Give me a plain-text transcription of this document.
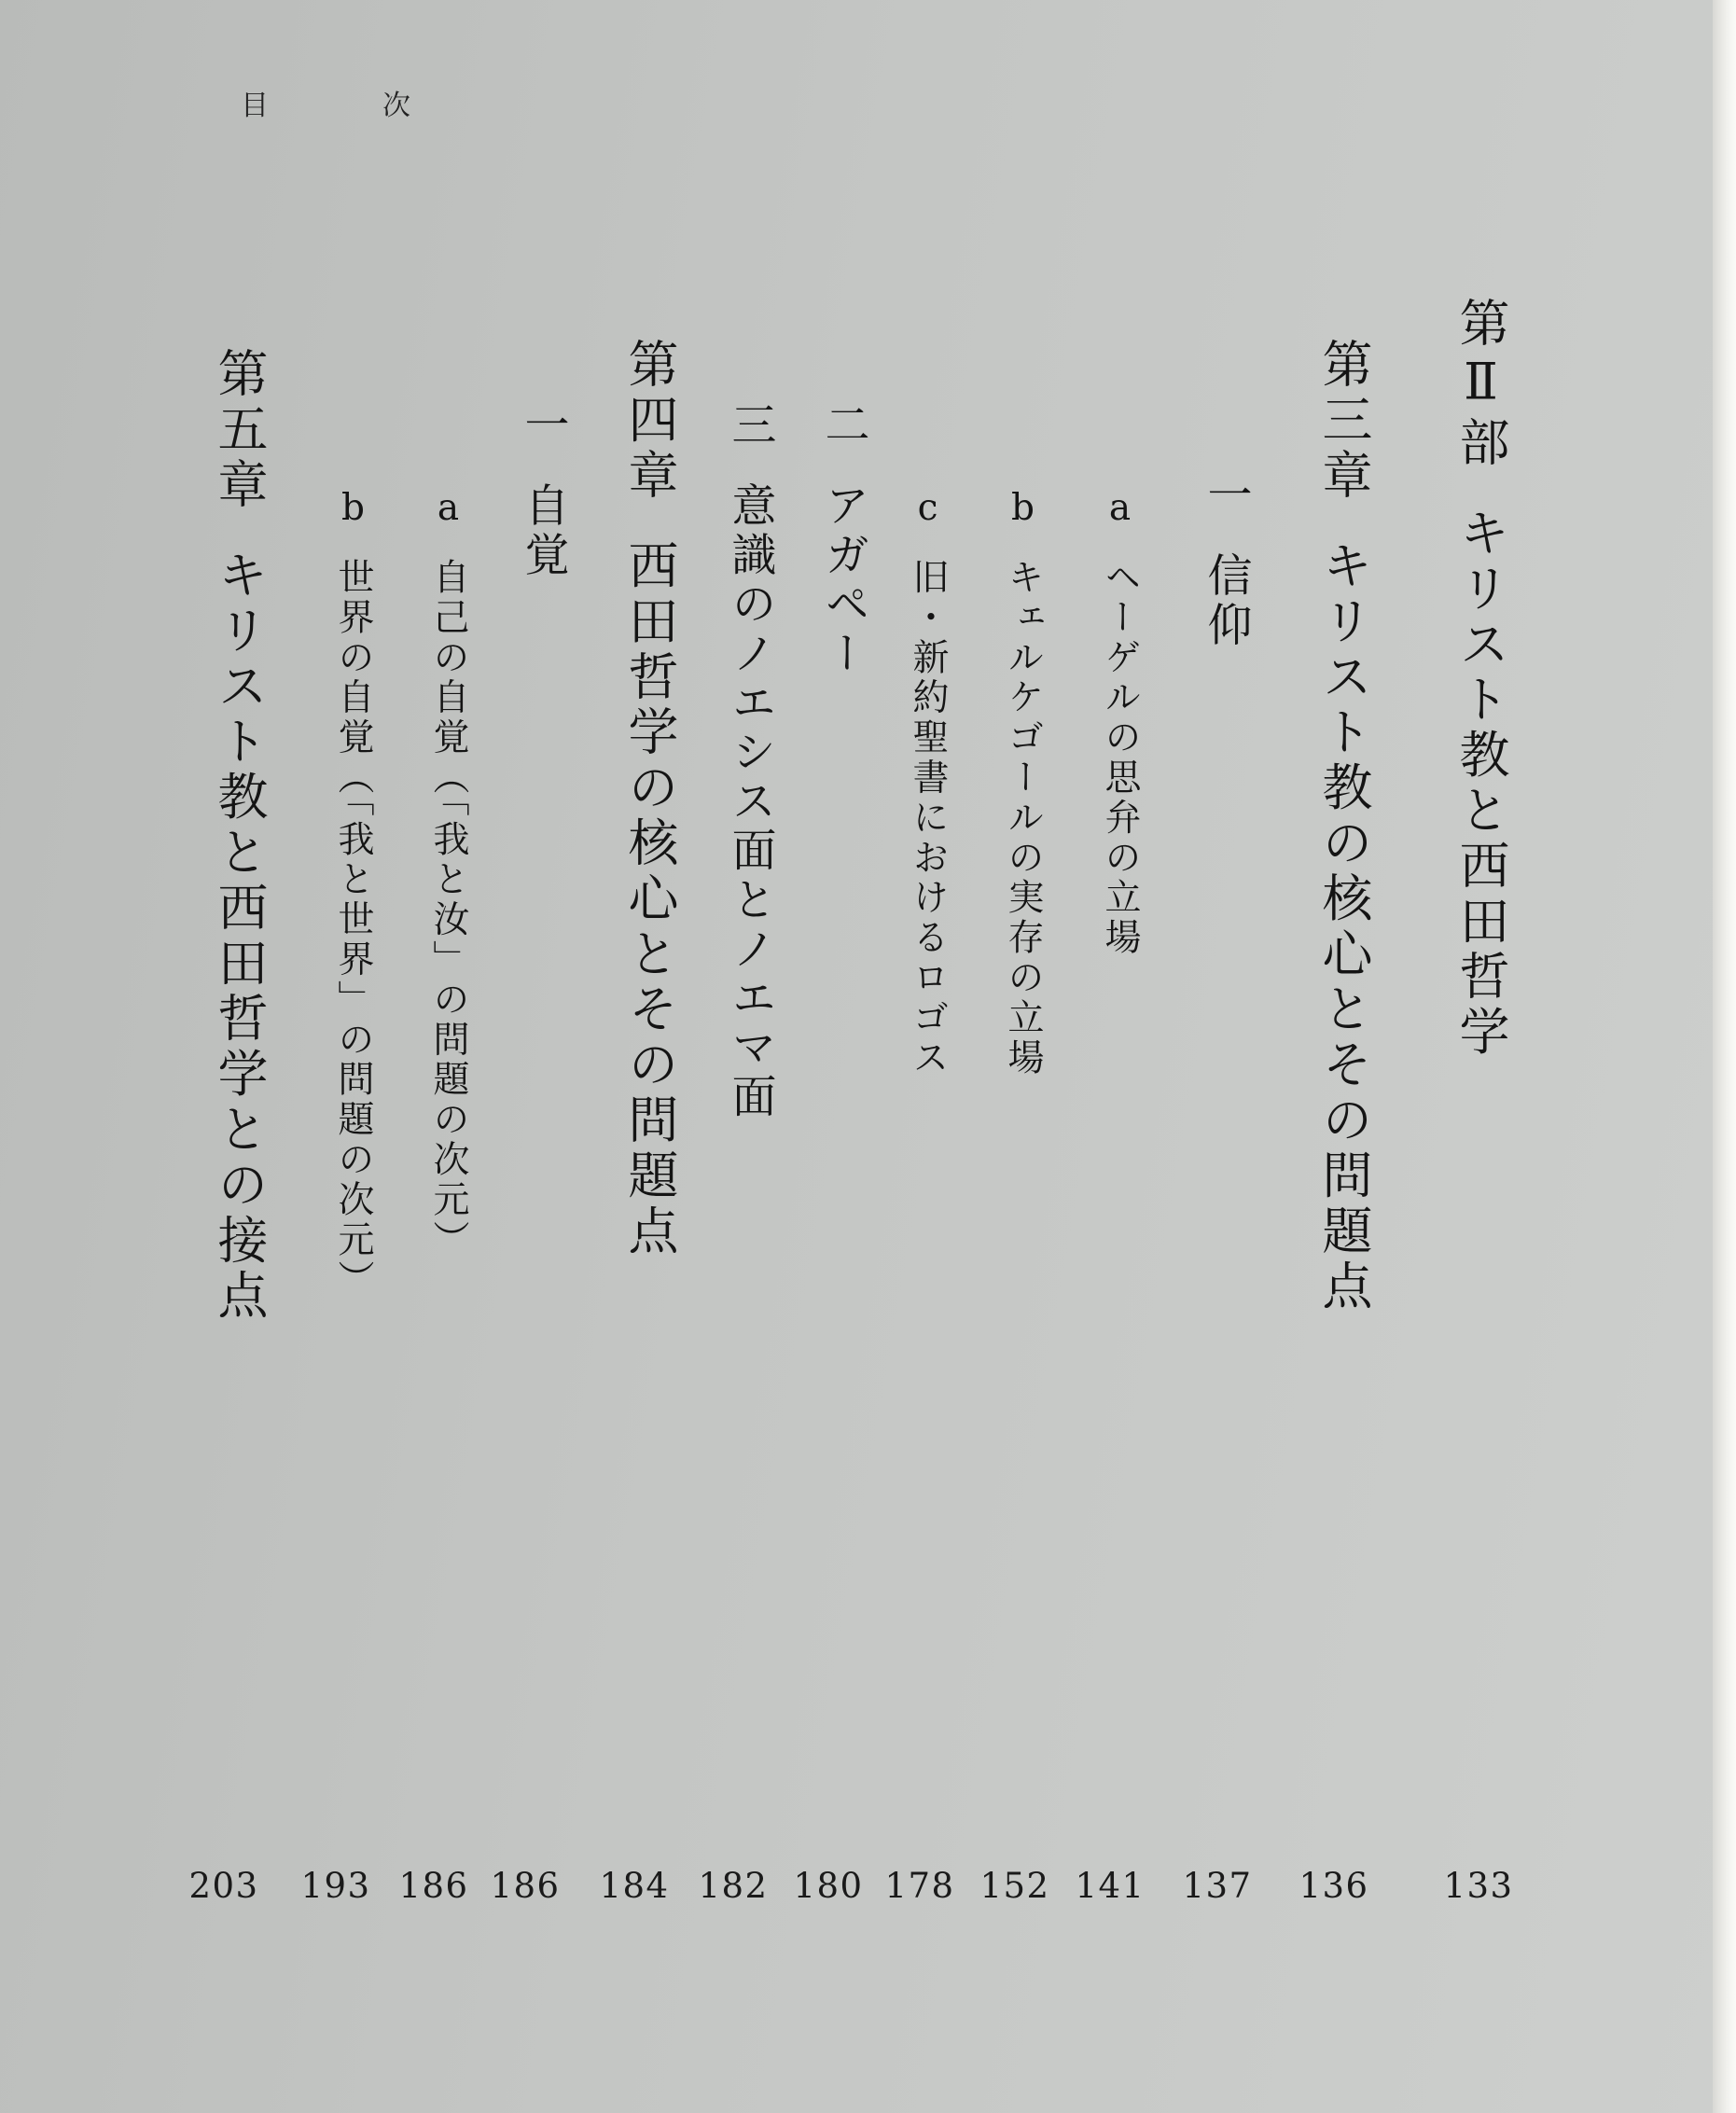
目	次
第Ⅱ部キリスト教と西田哲学
第三章キリスト教の核心とその問題点
一信仰
aヘーゲルの思弁の立場
bキェルケゴールの実存の立場
c旧・新約聖書におけるロゴス
二アガペー
三意識のノエシス面とノエマ面
第四章西田哲学の核心とその問題点
一自覚
a自己の自覚（「我と汝」の問題の次元）
b世界の自覚（「我と世界」の問題の次元）
第五章キリスト教と西田哲学との接点
133
136
137
141
152
178
180
182
184
186
186
193
203
